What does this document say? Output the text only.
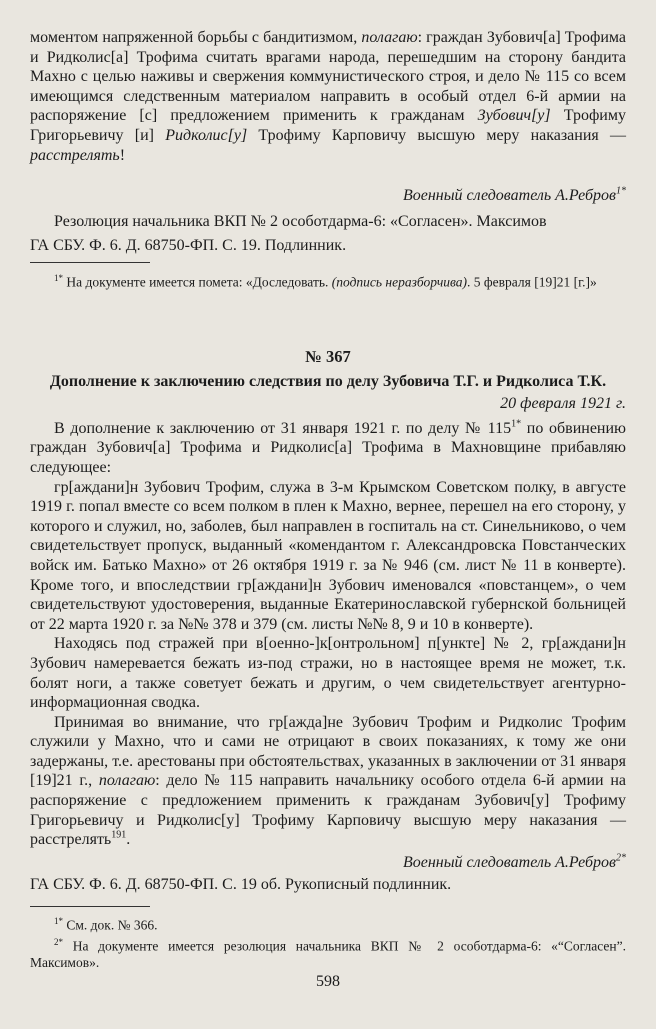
моментом напряженной борьбы с бандитизмом, полагаю: граждан Зубович[а] Трофима и Ридколис[а] Трофима считать врагами народа, перешедшим на сторону бандита Махно с целью наживы и свержения коммунистического строя, и дело № 115 со всем имеющимся следственным материалом направить в особый отдел 6-й армии на распоряжение [с] предложением применить к гражданам Зубович[у] Трофиму Григорьевичу [и] Ридколис[у] Трофиму Карповичу высшую меру наказания — расстрелять!

Военный следователь А.Ребров$^{1*}$

Резолюция начальника ВКП № 2 особотдарма-6: «Согласен». Максимов

ГА СБУ. Ф. 6. Д. 68750-ФП. С. 19. Подлинник.

$^{1*}$ На документе имеется помета: «Доследовать. (подпись неразборчива). 5 февраля [19]21 [г.]»

№ 367

Дополнение к заключению следствия по делу Зубовича Т.Г. и Ридколиса Т.К.

20 февраля 1921 г.

В дополнение к заключению от 31 января 1921 г. по делу № $115^{1*}$ по обвинению граждан Зубович[а] Трофима и Ридколис[а] Трофима в Махновщине прибавляю следующее:

гр[аждани]н Зубович Трофим, служа в 3-м Крымском Советском полку, в августе 1919 г. попал вместе со всем полком в плен к Махно, вернее, перешел на его сторону, у которого и служил, но, заболев, был направлен в госпиталь на ст. Синельниково, о чем свидетельствует пропуск, выданный «комендантом г. Александровска Повстанческих войск им. Батько Махно» от 26 октября 1919 г. за № 946 (см. лист № 11 в конверте). Кроме того, и впоследствии гр[аждани]н Зубович именовался «повстанцем», о чем свидетельствуют удостоверения, выданные Екатеринославской губернской больницей от 22 марта 1920 г. за №№ 378 и 379 (см. листы №№ 8, 9 и 10 в конверте).

Находясь под стражей при в[оенно-]к[онтрольном] п[ункте] № 2, гр[аждани]н Зубович намеревается бежать из-под стражи, но в настоящее время не может, т.к. болят ноги, а также советует бежать и другим, о чем свидетельствует агентурно-информационная сводка.

Принимая во внимание, что гр[ажда]не Зубович Трофим и Ридколис Трофим служили у Махно, что и сами не отрицают в своих показаниях, к тому же они задержаны, т.е. арестованы при обстоятельствах, указанных в заключении от 31 января [19]21 г., полагаю: дело № 115 направить начальнику особого отдела 6-й армии на распоряжение с предложением применить к гражданам Зубович[у] Трофиму Григорьевичу и Ридколис[у] Трофиму Карповичу высшую меру наказания — расстрелять$^{191}$.

Военный следователь А.Ребров$^{2*}$

ГА СБУ. Ф. 6. Д. 68750-ФП. С. 19 об. Рукописный подлинник.

$^{1*}$ См. док. № 366.

$^{2*}$ На документе имеется резолюция начальника ВКП № 2 особотдарма-6: «“Согласен”. Максимов».

598
